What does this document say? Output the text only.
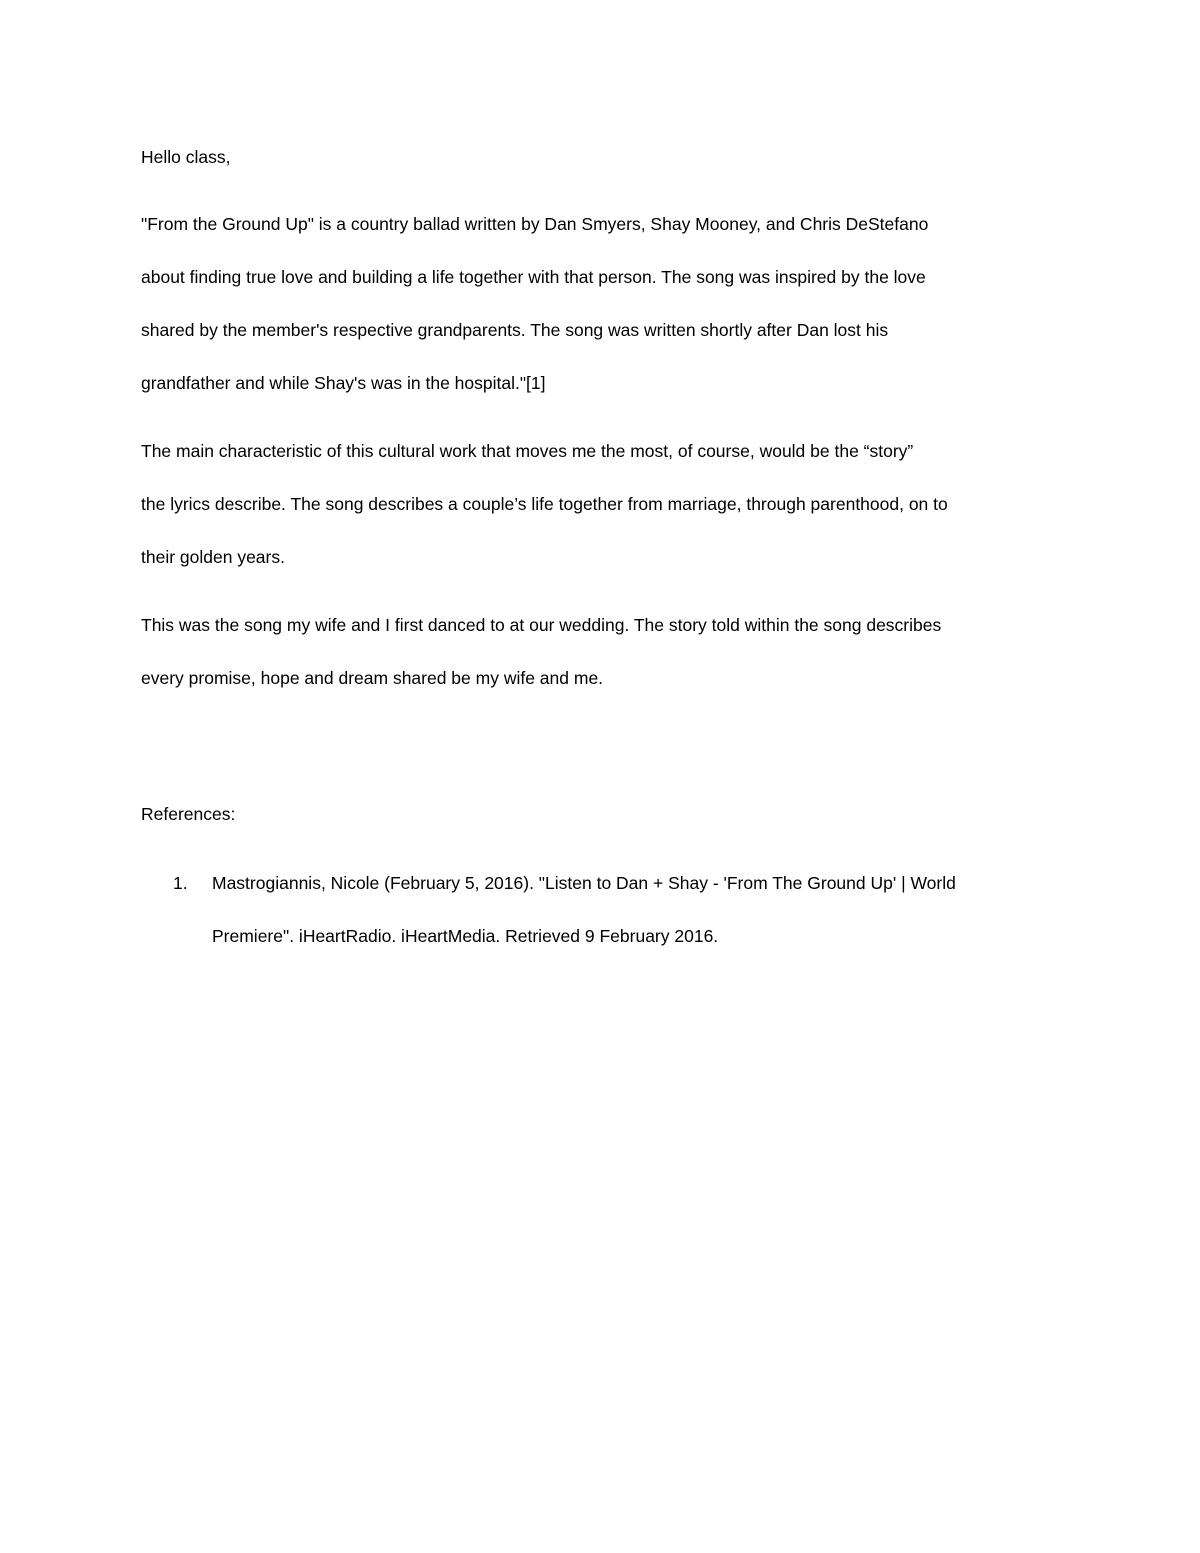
Hello class,
"From the Ground Up" is a country ballad written by Dan Smyers, Shay Mooney, and Chris DeStefano
about finding true love and building a life together with that person. The song was inspired by the love
shared by the member's respective grandparents. The song was written shortly after Dan lost his
grandfather and while Shay's was in the hospital."[1]
The main characteristic of this cultural work that moves me the most, of course, would be the “story”
the lyrics describe. The song describes a couple’s life together from marriage, through parenthood, on to
their golden years.
This was the song my wife and I first danced to at our wedding. The story told within the song describes
every promise, hope and dream shared be my wife and me.
References:
1. Mastrogiannis, Nicole (February 5, 2016). "Listen to Dan + Shay - 'From The Ground Up' | World
Premiere". iHeartRadio. iHeartMedia. Retrieved 9 February 2016.
